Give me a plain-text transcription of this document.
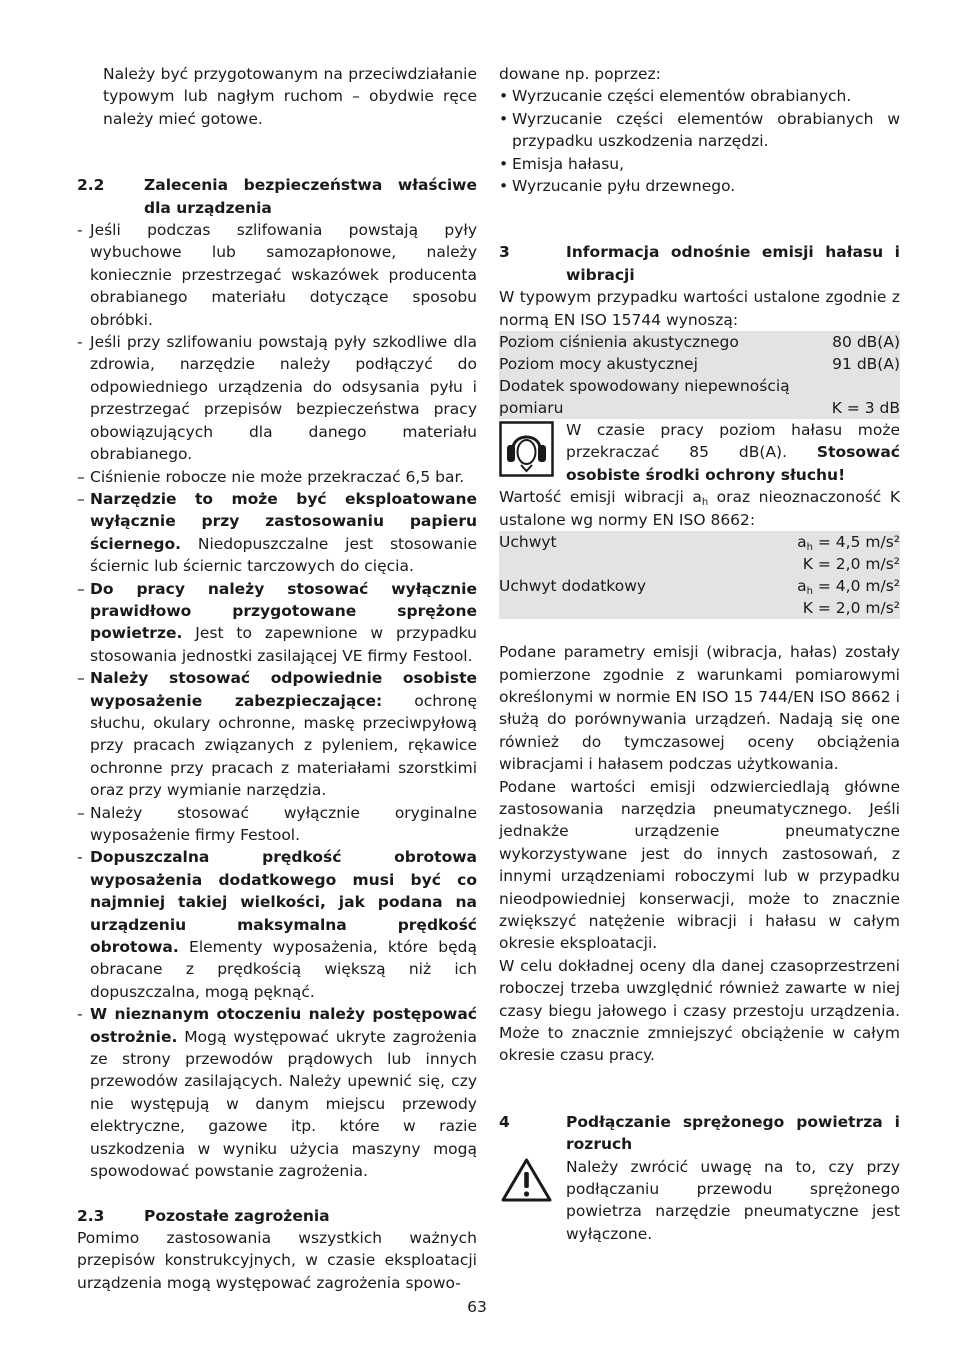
Należy być przygotowanym na przeciwdziałanie typowym lub nagłym ruchom – obydwie ręce należy mieć gotowe.

2.2	Zalecenia bezpieczeństwa właściwe dla urządzenia
- Jeśli podczas szlifowania powstają pyły wybuchowe lub samozapłonowe, należy koniecznie przestrzegać wskazówek producenta obrabianego materiału dotyczące sposobu obróbki.
- Jeśli przy szlifowaniu powstają pyły szkodliwe dla zdrowia, narzędzie należy podłączyć do odpowiedniego urządzenia do odsysania pyłu i przestrzegać przepisów bezpieczeństwa pracy obowiązujących dla danego materiału obrabianego.
– Ciśnienie robocze nie może przekraczać 6,5 bar.
– Narzędzie to może być eksploatowane wyłącznie przy zastosowaniu papieru ściernego. Niedopuszczalne jest stosowanie ściernic lub ściernic tarczowych do cięcia.
– Do pracy należy stosować wyłącznie prawidłowo przygotowane sprężone powietrze. Jest to zapewnione w przypadku stosowania jednostki zasilającej VE firmy Festool.
– Należy stosować odpowiednie osobiste wyposażenie zabezpieczające: ochronę słuchu, okulary ochronne, maskę przeciwpyłową przy pracach związanych z pyleniem, rękawice ochronne przy pracach z materiałami szorstkimi oraz przy wymianie narzędzia.
– Należy stosować wyłącznie oryginalne wyposażenie firmy Festool.
- Dopuszczalna prędkość obrotowa wyposażenia dodatkowego musi być co najmniej takiej wielkości, jak podana na urządzeniu maksymalna prędkość obrotowa. Elementy wyposażenia, które będą obracane z prędkością większą niż ich dopuszczalna, mogą pęknąć.
- W nieznanym otoczeniu należy postępować ostrożnie. Mogą występować ukryte zagrożenia ze strony przewodów prądowych lub innych przewodów zasilających. Należy upewnić się, czy nie występują w danym miejscu przewody elektryczne, gazowe itp. które w razie uszkodzenia w wyniku użycia maszyny mogą spowodować powstanie zagrożenia.
2.3	Pozostałe zagrożenia

Pomimo zastosowania wszystkich ważnych przepisów konstrukcyjnych, w czasie eksploatacji urządzenia mogą występować zagrożenia spowo-

dowane np. poprzez:

• Wyrzucanie części elementów obrabianych.
• Wyrzucanie części elementów obrabianych w przypadku uszkodzenia narzędzi.
• Emisja hałasu,
• Wyrzucanie pyłu drzewnego.
3	Informacja odnośnie emisji hałasu i wibracji

W typowym przypadku wartości ustalone zgodnie z normą EN ISO 15744 wynoszą:

Poziom ciśnienia akustycznego	80 dB(A)
Poziom mocy akustycznej	91 dB(A)
Dodatek spowodowany niepewnością
pomiaru	K = 3 dB

W czasie pracy poziom hałasu może przekraczać 85 dB(A). Stosować osobiste środki ochrony słuchu!

Wartość emisji wibracji $a_h$ oraz nieoznaczoność K ustalone wg normy EN ISO 8662:

Uchwyt	$a_h = 4,5$ m/s²
K = 2,0 m/s²
Uchwyt dodatkowy	$a_h = 4,0$ m/s²
K = 2,0 m/s²

Podane parametry emisji (wibracja, hałas) zostały pomierzone zgodnie z warunkami pomiarowymi określonymi w normie EN ISO 15 744/EN ISO 8662 i służą do porównywania urządzeń. Nadają się one również do tymczasowej oceny obciążenia wibracjami i hałasem podczas użytkowania.

Podane wartości emisji odzwierciedlają główne zastosowania narzędzia pneumatycznego. Jeśli jednakże urządzenie pneumatyczne wykorzystywane jest do innych zastosowań, z innymi urządzeniami roboczymi lub w przypadku nieodpowiedniej konserwacji, może to znacznie zwiększyć natężenie wibracji i hałasu w całym okresie eksploatacji.

W celu dokładnej oceny dla danej czasoprzestrzeni roboczej trzeba uwzględnić również zawarte w niej czasy biegu jałowego i czasy przestoju urządzenia. Może to znacznie zmniejszyć obciążenie w całym okresie czasu pracy.

4	Podłączanie sprężonego powietrza i rozruch

Należy zwrócić uwagę na to, czy przy podłączaniu przewodu sprężonego powietrza narzędzie pneumatyczne jest wyłączone.

63
